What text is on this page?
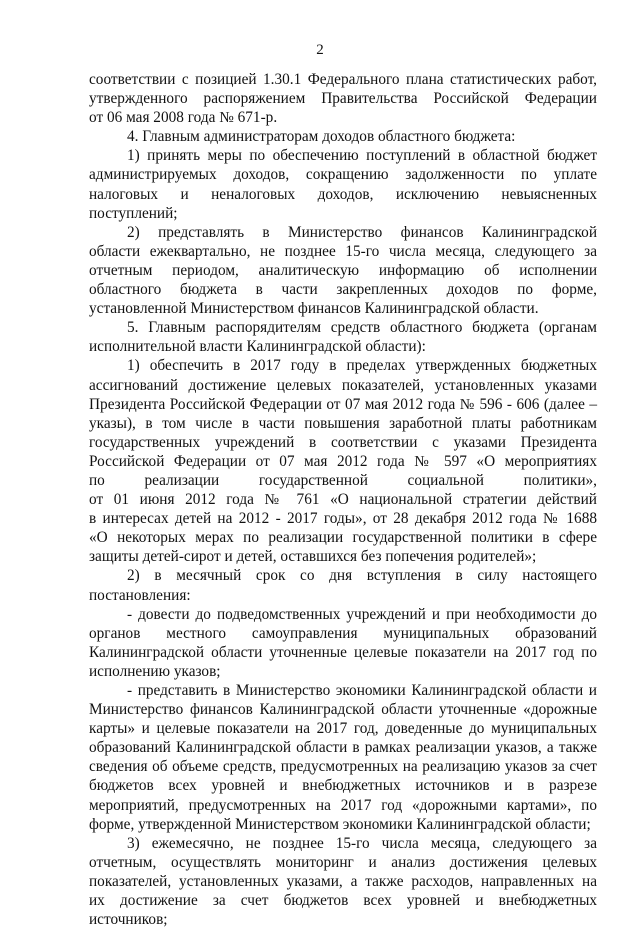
2

соответствии с позицией 1.30.1 Федерального плана статистических работ,

утвержденного распоряжением Правительства Российской Федерации

от 06 мая 2008 года № 671-р.

4. Главным администраторам доходов областного бюджета:

1) принять меры по обеспечению поступлений в областной бюджет

администрируемых доходов, сокращению задолженности по уплате

налоговых и неналоговых доходов, исключению невыясненных

поступлений;

2) представлять в Министерство финансов Калининградской

области ежеквартально, не позднее 15-го числа месяца, следующего за

отчетным периодом, аналитическую информацию об исполнении

областного бюджета в части закрепленных доходов по форме,

установленной Министерством финансов Калининградской области.

5. Главным распорядителям средств областного бюджета (органам

исполнительной власти Калининградской области):

1) обеспечить в 2017 году в пределах утвержденных бюджетных

ассигнований достижение целевых показателей, установленных указами

Президента Российской Федерации от 07 мая 2012 года № 596 - 606 (далее –

указы), в том числе в части повышения заработной платы работникам

государственных учреждений в соответствии с указами Президента

Российской Федерации от 07 мая 2012 года № 597 «О мероприятиях

по реализации государственной социальной политики»,

от 01 июня 2012 года № 761 «О национальной стратегии действий

в интересах детей на 2012 - 2017 годы», от 28 декабря 2012 года № 1688

«О некоторых мерах по реализации государственной политики в сфере

защиты детей-сирот и детей, оставшихся без попечения родителей»;

2) в месячный срок со дня вступления в силу настоящего

постановления:

- довести до подведомственных учреждений и при необходимости до

органов местного самоуправления муниципальных образований

Калининградской области уточненные целевые показатели на 2017 год по

исполнению указов;

- представить в Министерство экономики Калининградской области и

Министерство финансов Калининградской области уточненные «дорожные

карты» и целевые показатели на 2017 год, доведенные до муниципальных

образований Калининградской области в рамках реализации указов, а также

сведения об объеме средств, предусмотренных на реализацию указов за счет

бюджетов всех уровней и внебюджетных источников и в разрезе

мероприятий, предусмотренных на 2017 год «дорожными картами», по

форме, утвержденной Министерством экономики Калининградской области;

3) ежемесячно, не позднее 15-го числа месяца, следующего за

отчетным, осуществлять мониторинг и анализ достижения целевых

показателей, установленных указами, а также расходов, направленных на

их достижение за счет бюджетов всех уровней и внебюджетных

источников;
